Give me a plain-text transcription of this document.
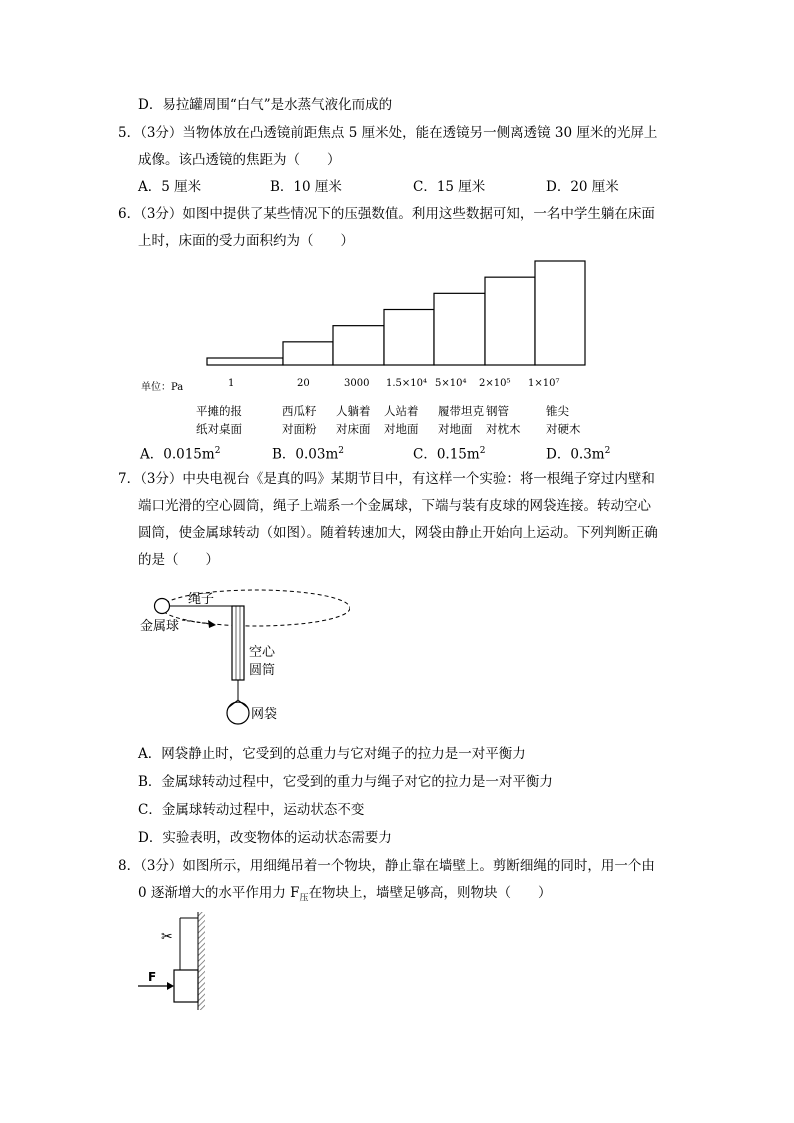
D．易拉罐周围“白气”是水蒸气液化而成的
5．（3分）当物体放在凸透镜前距焦点 5 厘米处，能在透镜另一侧离透镜 30 厘米的光屏上
成像。该凸透镜的焦距为（　　）
A．5 厘米	B．10 厘米	C．15 厘米	D．20 厘米
6．（3分）如图中提供了某些情况下的压强数值。利用这些数据可知，一名中学生躺在床面
上时，床面的受力面积约为（　　）
单位：Pa	1	20	3000 1.5×10⁴ 5×10⁴ 2×10⁵ 1×10⁷
平摊的报
纸对桌面
西瓜籽
对面粉
人躺着
对床面
人站着
对地面
履带坦克
对地面
钢管
对枕木
锥尖
对硬木
A．$0.015m^2$	B．$0.03m^2$	C．$0.15m^2$	D．$0.3m^2$
7．（3分）中央电视台《是真的吗》某期节目中，有这样一个实验：将一根绳子穿过内壁和
端口光滑的空心圆筒，绳子上端系一个金属球，下端与装有皮球的网袋连接。转动空心
圆筒，使金属球转动（如图）。随着转速加大，网袋由静止开始向上运动。下列判断正确
的是（　　）
绳子
金属球
空心
圆筒
网袋
A．网袋静止时，它受到的总重力与它对绳子的拉力是一对平衡力
B．金属球转动过程中，它受到的重力与绳子对它的拉力是一对平衡力
C．金属球转动过程中，运动状态不变
D．实验表明，改变物体的运动状态需要力
8．（3分）如图所示，用细绳吊着一个物块，静止靠在墙壁上。剪断细绳的同时，用一个由
0 逐渐增大的水平作用力 $F_压$在物块上，墙壁足够高，则物块（　　）
F
✂
